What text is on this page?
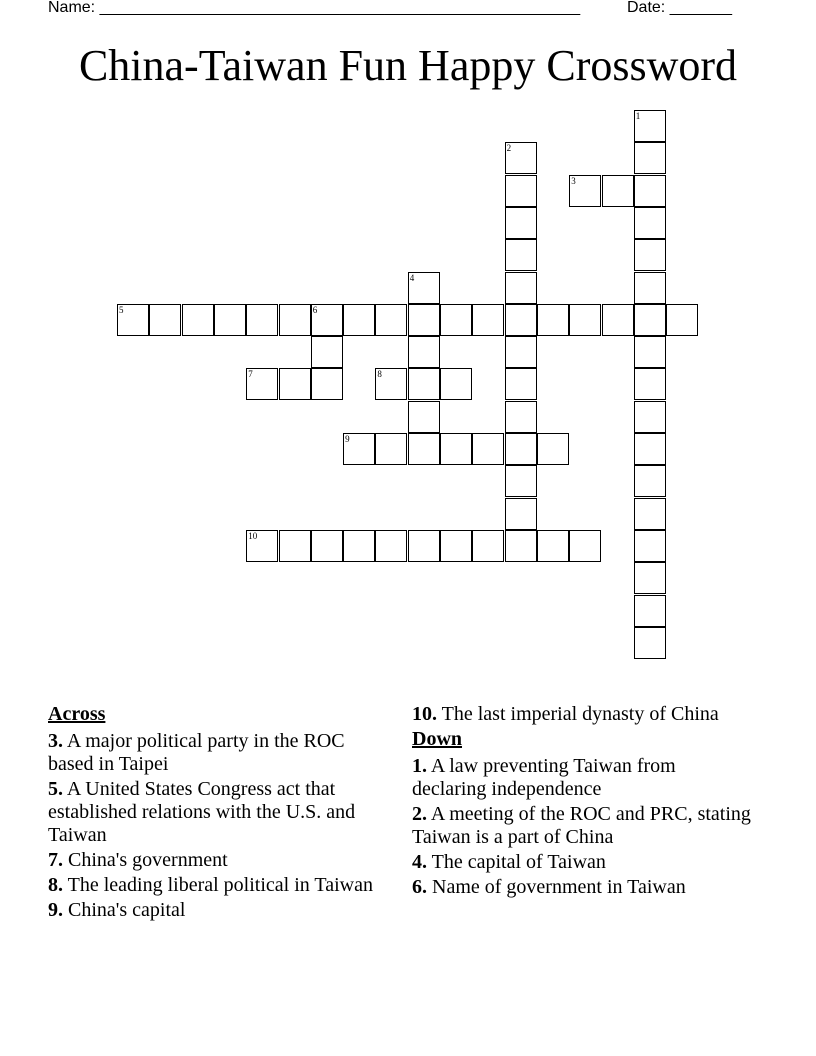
Name: ______________________________________________________	Date: _______
China-Taiwan Fun Happy Crossword
1
2
3
4
5	6
7	8
9
10
Across
3. A major political party in the ROC based in Taipei
5. A United States Congress act that established relations with the U.S. and Taiwan
7. China's government
8. The leading liberal political in Taiwan
9. China's capital
10. The last imperial dynasty of China
Down
1. A law preventing Taiwan from declaring independence
2. A meeting of the ROC and PRC, stating Taiwan is a part of China
4. The capital of Taiwan
6. Name of government in Taiwan
